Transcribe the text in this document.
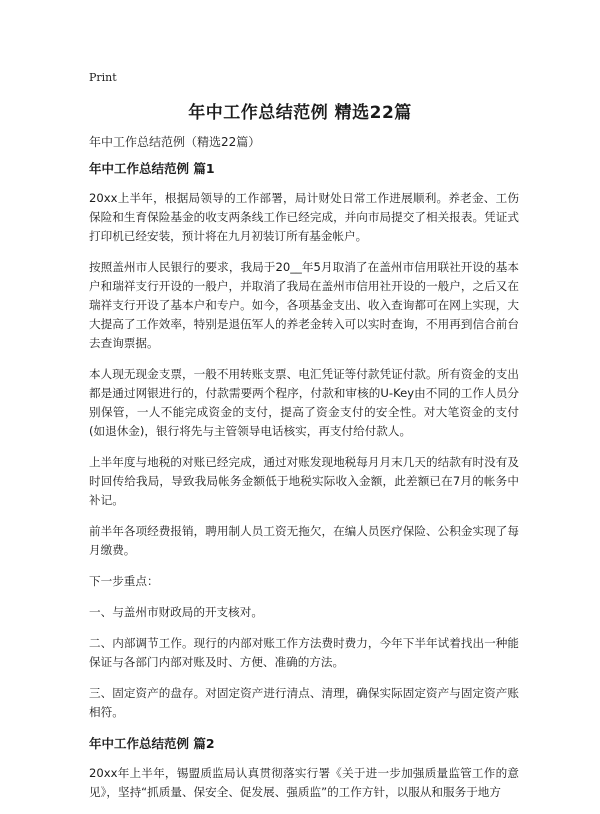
Print
年中工作总结范例 精选22篇
年中工作总结范例（精选22篇）
年中工作总结范例 篇1

20xx上半年，根据局领导的工作部署，局计财处日常工作进展顺利。养老金、工伤保险和生育保险基金的收支两条线工作已经完成，并向市局提交了相关报表。凭证式打印机已经安装，预计将在九月初装订所有基金帐户。

按照盖州市人民银行的要求，我局于20__年5月取消了在盖州市信用联社开设的基本户和瑞祥支行开设的一般户，并取消了我局在盖州市信用社开设的一般户，之后又在瑞祥支行开设了基本户和专户。如今，各项基金支出、收入查询都可在网上实现，大大提高了工作效率，特别是退伍军人的养老金转入可以实时查询，不用再到信合前台去查询票据。

本人现无现金支票，一般不用转账支票、电汇凭证等付款凭证付款。所有资金的支出都是通过网银进行的，付款需要两个程序，付款和审核的U-Key由不同的工作人员分别保管，一人不能完成资金的支付，提高了资金支付的安全性。对大笔资金的支付(如退休金)，银行将先与主管领导电话核实，再支付给付款人。

上半年度与地税的对账已经完成，通过对账发现地税每月月末几天的结款有时没有及时回传给我局，导致我局帐务金额低于地税实际收入金额，此差额已在7月的帐务中补记。

前半年各项经费报销，聘用制人员工资无拖欠，在编人员医疗保险、公积金实现了每月缴费。

下一步重点：

一、与盖州市财政局的开支核对。

二、内部调节工作。现行的内部对账工作方法费时费力，今年下半年试着找出一种能保证与各部门内部对账及时、方便、准确的方法。

三、固定资产的盘存。对固定资产进行清点、清理，确保实际固定资产与固定资产账相符。

年中工作总结范例 篇2

20xx年上半年，锡盟质监局认真贯彻落实行署《关于进一步加强质量监管工作的意见》，坚持“抓质量、保安全、促发展、强质监”的工作方针，以服从和服务于地方
